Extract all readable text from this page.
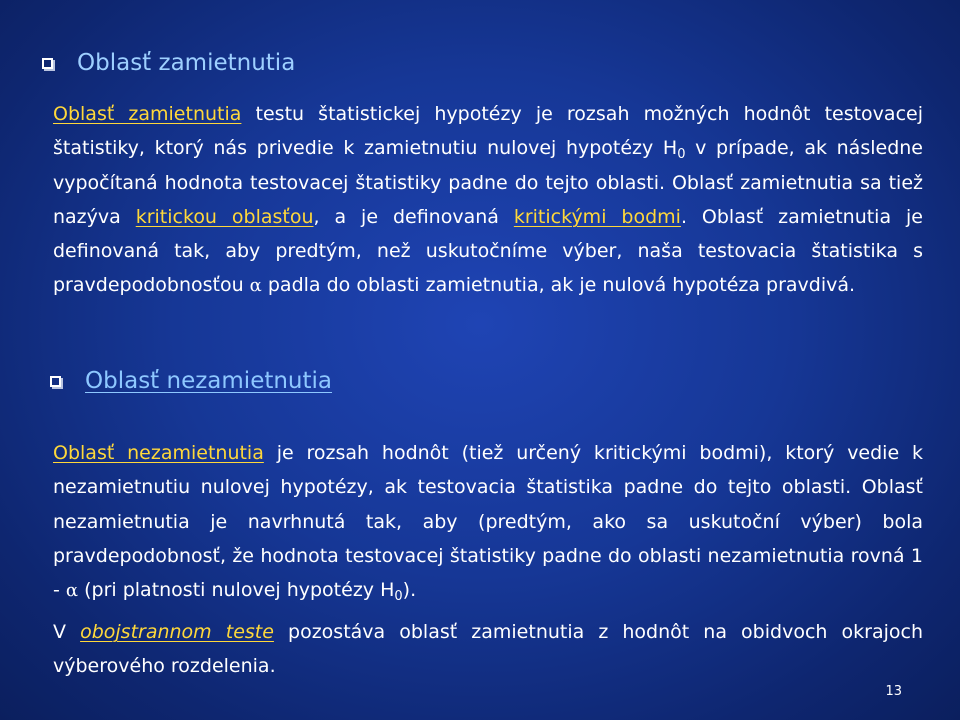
Oblasť zamietnutia
Oblasť zamietnutia testu štatistickej hypotézy je rozsah možných hodnôt testovacej štatistiky, ktorý nás privedie k zamietnutiu nulovej hypotézy $H_0$ v prípade, ak následne vypočítaná hodnota testovacej štatistiky padne do tejto oblasti. Oblasť zamietnutia sa tiež nazýva kritickou oblasťou, a je definovaná kritickými bodmi. Oblasť zamietnutia je definovaná tak, aby predtým, než uskutočníme výber, naša testovacia štatistika s pravdepodobnosťou α padla do oblasti zamietnutia, ak je nulová hypotéza pravdivá.
Oblasť nezamietnutia
Oblasť nezamietnutia je rozsah hodnôt (tiež určený kritickými bodmi), ktorý vedie k nezamietnutiu nulovej hypotézy, ak testovacia štatistika padne do tejto oblasti. Oblasť nezamietnutia je navrhnutá tak, aby (predtým, ako sa uskutoční výber) bola pravdepodobnosť, že hodnota testovacej štatistiky padne do oblasti nezamietnutia rovná 1 - α (pri platnosti nulovej hypotézy $H_0$).
V obojstrannom teste pozostáva oblasť zamietnutia z hodnôt na obidvoch okrajoch výberového rozdelenia.
13
